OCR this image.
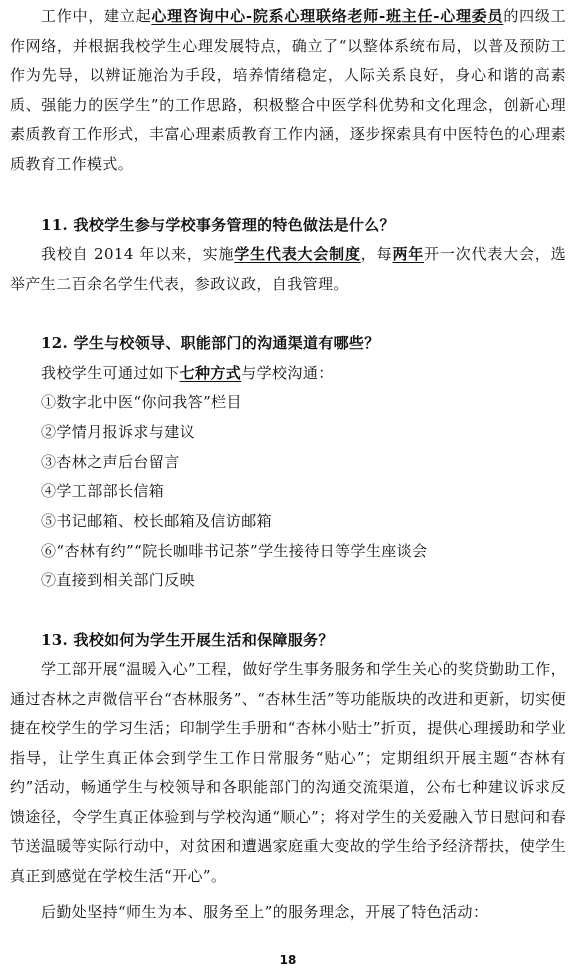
工作中，建立起心理咨询中心-院系心理联络老师-班主任-心理委员的四级工作网络，并根据我校学生心理发展特点，确立了“以整体系统布局，以普及预防工作为先导，以辨证施治为手段，培养情绪稳定，人际关系良好，身心和谐的高素质、强能力的医学生”的工作思路，积极整合中医学科优势和文化理念，创新心理素质教育工作形式，丰富心理素质教育工作内涵，逐步探索具有中医特色的心理素质教育工作模式。

11. 我校学生参与学校事务管理的特色做法是什么？

我校自 2014 年以来，实施学生代表大会制度，每两年开一次代表大会，选举产生二百余名学生代表，参政议政，自我管理。

12. 学生与校领导、职能部门的沟通渠道有哪些？

我校学生可通过如下七种方式与学校沟通：

①数字北中医“你问我答”栏目

②学情月报诉求与建议

③杏林之声后台留言

④学工部部长信箱

⑤书记邮箱、校长邮箱及信访邮箱

⑥“杏林有约”“院长咖啡书记茶”学生接待日等学生座谈会

⑦直接到相关部门反映

13. 我校如何为学生开展生活和保障服务？

学工部开展“温暖入心”工程，做好学生事务服务和学生关心的奖贷勤助工作，通过杏林之声微信平台“杏林服务”、“杏林生活”等功能版块的改进和更新，切实便捷在校学生的学习生活；印制学生手册和“杏林小贴士”折页，提供心理援助和学业指导，让学生真正体会到学生工作日常服务“贴心”；定期组织开展主题“杏林有约”活动，畅通学生与校领导和各职能部门的沟通交流渠道，公布七种建议诉求反馈途径，令学生真正体验到与学校沟通“顺心”；将对学生的关爱融入节日慰问和春节送温暖等实际行动中，对贫困和遭遇家庭重大变故的学生给予经济帮扶，使学生真正到感觉在学校生活“开心”。

后勤处坚持“师生为本、服务至上”的服务理念，开展了特色活动：

18
